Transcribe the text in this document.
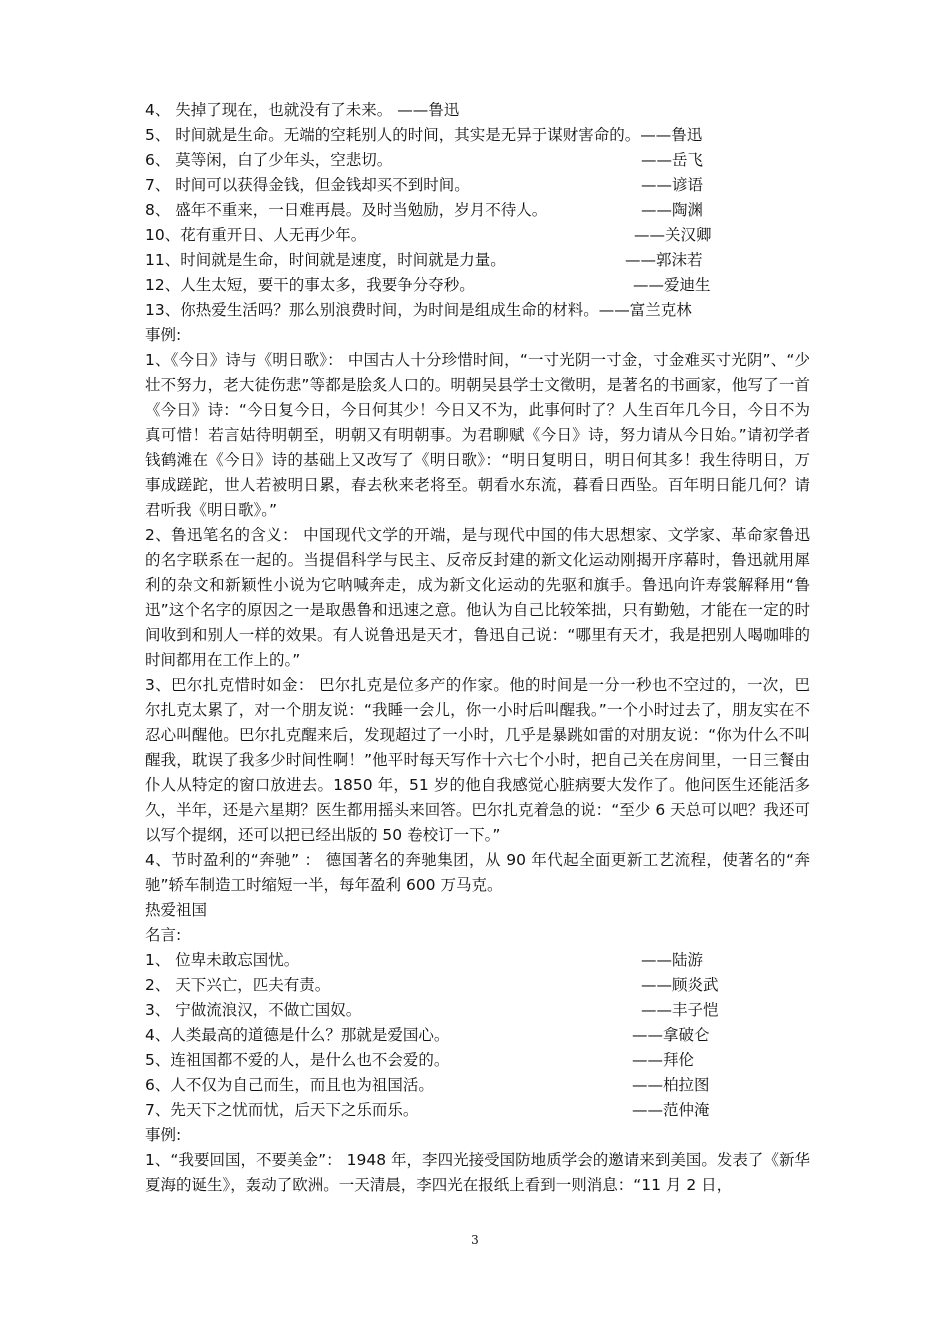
4、 失掉了现在，也就没有了未来。 ——鲁迅
5、 时间就是生命。无端的空耗别人的时间，其实是无异于谋财害命的。——鲁迅
6、 莫等闲，白了少年头，空悲切。	——岳飞
7、 时间可以获得金钱，但金钱却买不到时间。	——谚语
8、 盛年不重来，一日难再晨。及时当勉励，岁月不待人。	——陶渊
10、花有重开日、人无再少年。	——关汉卿
11、时间就是生命，时间就是速度，时间就是力量。	——郭沫若
12、人生太短，要干的事太多，我要争分夺秒。	——爱迪生
13、你热爱生活吗？那么别浪费时间，为时间是组成生命的材料。——富兰克林
事例:
1、《今日》诗与《明日歌》： 中国古人十分珍惜时间，“一寸光阴一寸金，寸金难买寸光阴”、“少壮不努力，老大徒伤悲”等都是脍炙人口的。明朝吴县学士文徵明，是著名的书画家，他写了一首《今日》诗：“今日复今日，今日何其少！今日又不为，此事何时了？人生百年几今日，今日不为真可惜！若言姑待明朝至，明朝又有明朝事。为君聊赋《今日》诗，努力请从今日始。”请初学者钱鹤滩在《今日》诗的基础上又改写了《明日歌》：“明日复明日，明日何其多！我生待明日，万事成蹉跎，世人若被明日累，春去秋来老将至。朝看水东流，暮看日西坠。百年明日能几何？请君听我《明日歌》。”
2、鲁迅笔名的含义： 中国现代文学的开端，是与现代中国的伟大思想家、文学家、革命家鲁迅的名字联系在一起的。当提倡科学与民主、反帝反封建的新文化运动刚揭开序幕时，鲁迅就用犀利的杂文和新颖性小说为它呐喊奔走，成为新文化运动的先驱和旗手。鲁迅向许寿裳解释用“鲁迅”这个名字的原因之一是取愚鲁和迅速之意。他认为自己比较笨拙，只有勤勉，才能在一定的时间收到和别人一样的效果。有人说鲁迅是天才，鲁迅自己说：“哪里有天才，我是把别人喝咖啡的时间都用在工作上的。”
3、巴尔扎克惜时如金： 巴尔扎克是位多产的作家。他的时间是一分一秒也不空过的，一次，巴尔扎克太累了，对一个朋友说：“我睡一会儿，你一小时后叫醒我。”一个小时过去了，朋友实在不忍心叫醒他。巴尔扎克醒来后，发现超过了一小时，几乎是暴跳如雷的对朋友说：“你为什么不叫醒我，耽误了我多少时间性啊！”他平时每天写作十六七个小时，把自己关在房间里，一日三餐由仆人从特定的窗口放进去。1850 年，51 岁的他自我感觉心脏病要大发作了。他问医生还能活多久，半年，还是六星期？医生都用摇头来回答。巴尔扎克着急的说：“至少 6 天总可以吧？我还可以写个提纲，还可以把已经出版的 50 卷校订一下。”
4、节时盈利的“奔驰” ： 德国著名的奔驰集团，从 90 年代起全面更新工艺流程，使著名的“奔驰”轿车制造工时缩短一半，每年盈利 600 万马克。
热爱祖国
名言:
1、 位卑未敢忘国忧。	——陆游
2、 天下兴亡，匹夫有责。	——顾炎武
3、 宁做流浪汉，不做亡国奴。	——丰子恺
4、人类最高的道德是什么？那就是爱国心。	——拿破仑
5、连祖国都不爱的人，是什么也不会爱的。	——拜伦
6、人不仅为自己而生，而且也为祖国活。	——柏拉图
7、先天下之忧而忧，后天下之乐而乐。	——范仲淹
事例:
1、“我要回国，不要美金”： 1948 年，李四光接受国防地质学会的邀请来到美国。发表了《新华夏海的诞生》，轰动了欧洲。一天清晨，李四光在报纸上看到一则消息：“11 月 2 日，
3
